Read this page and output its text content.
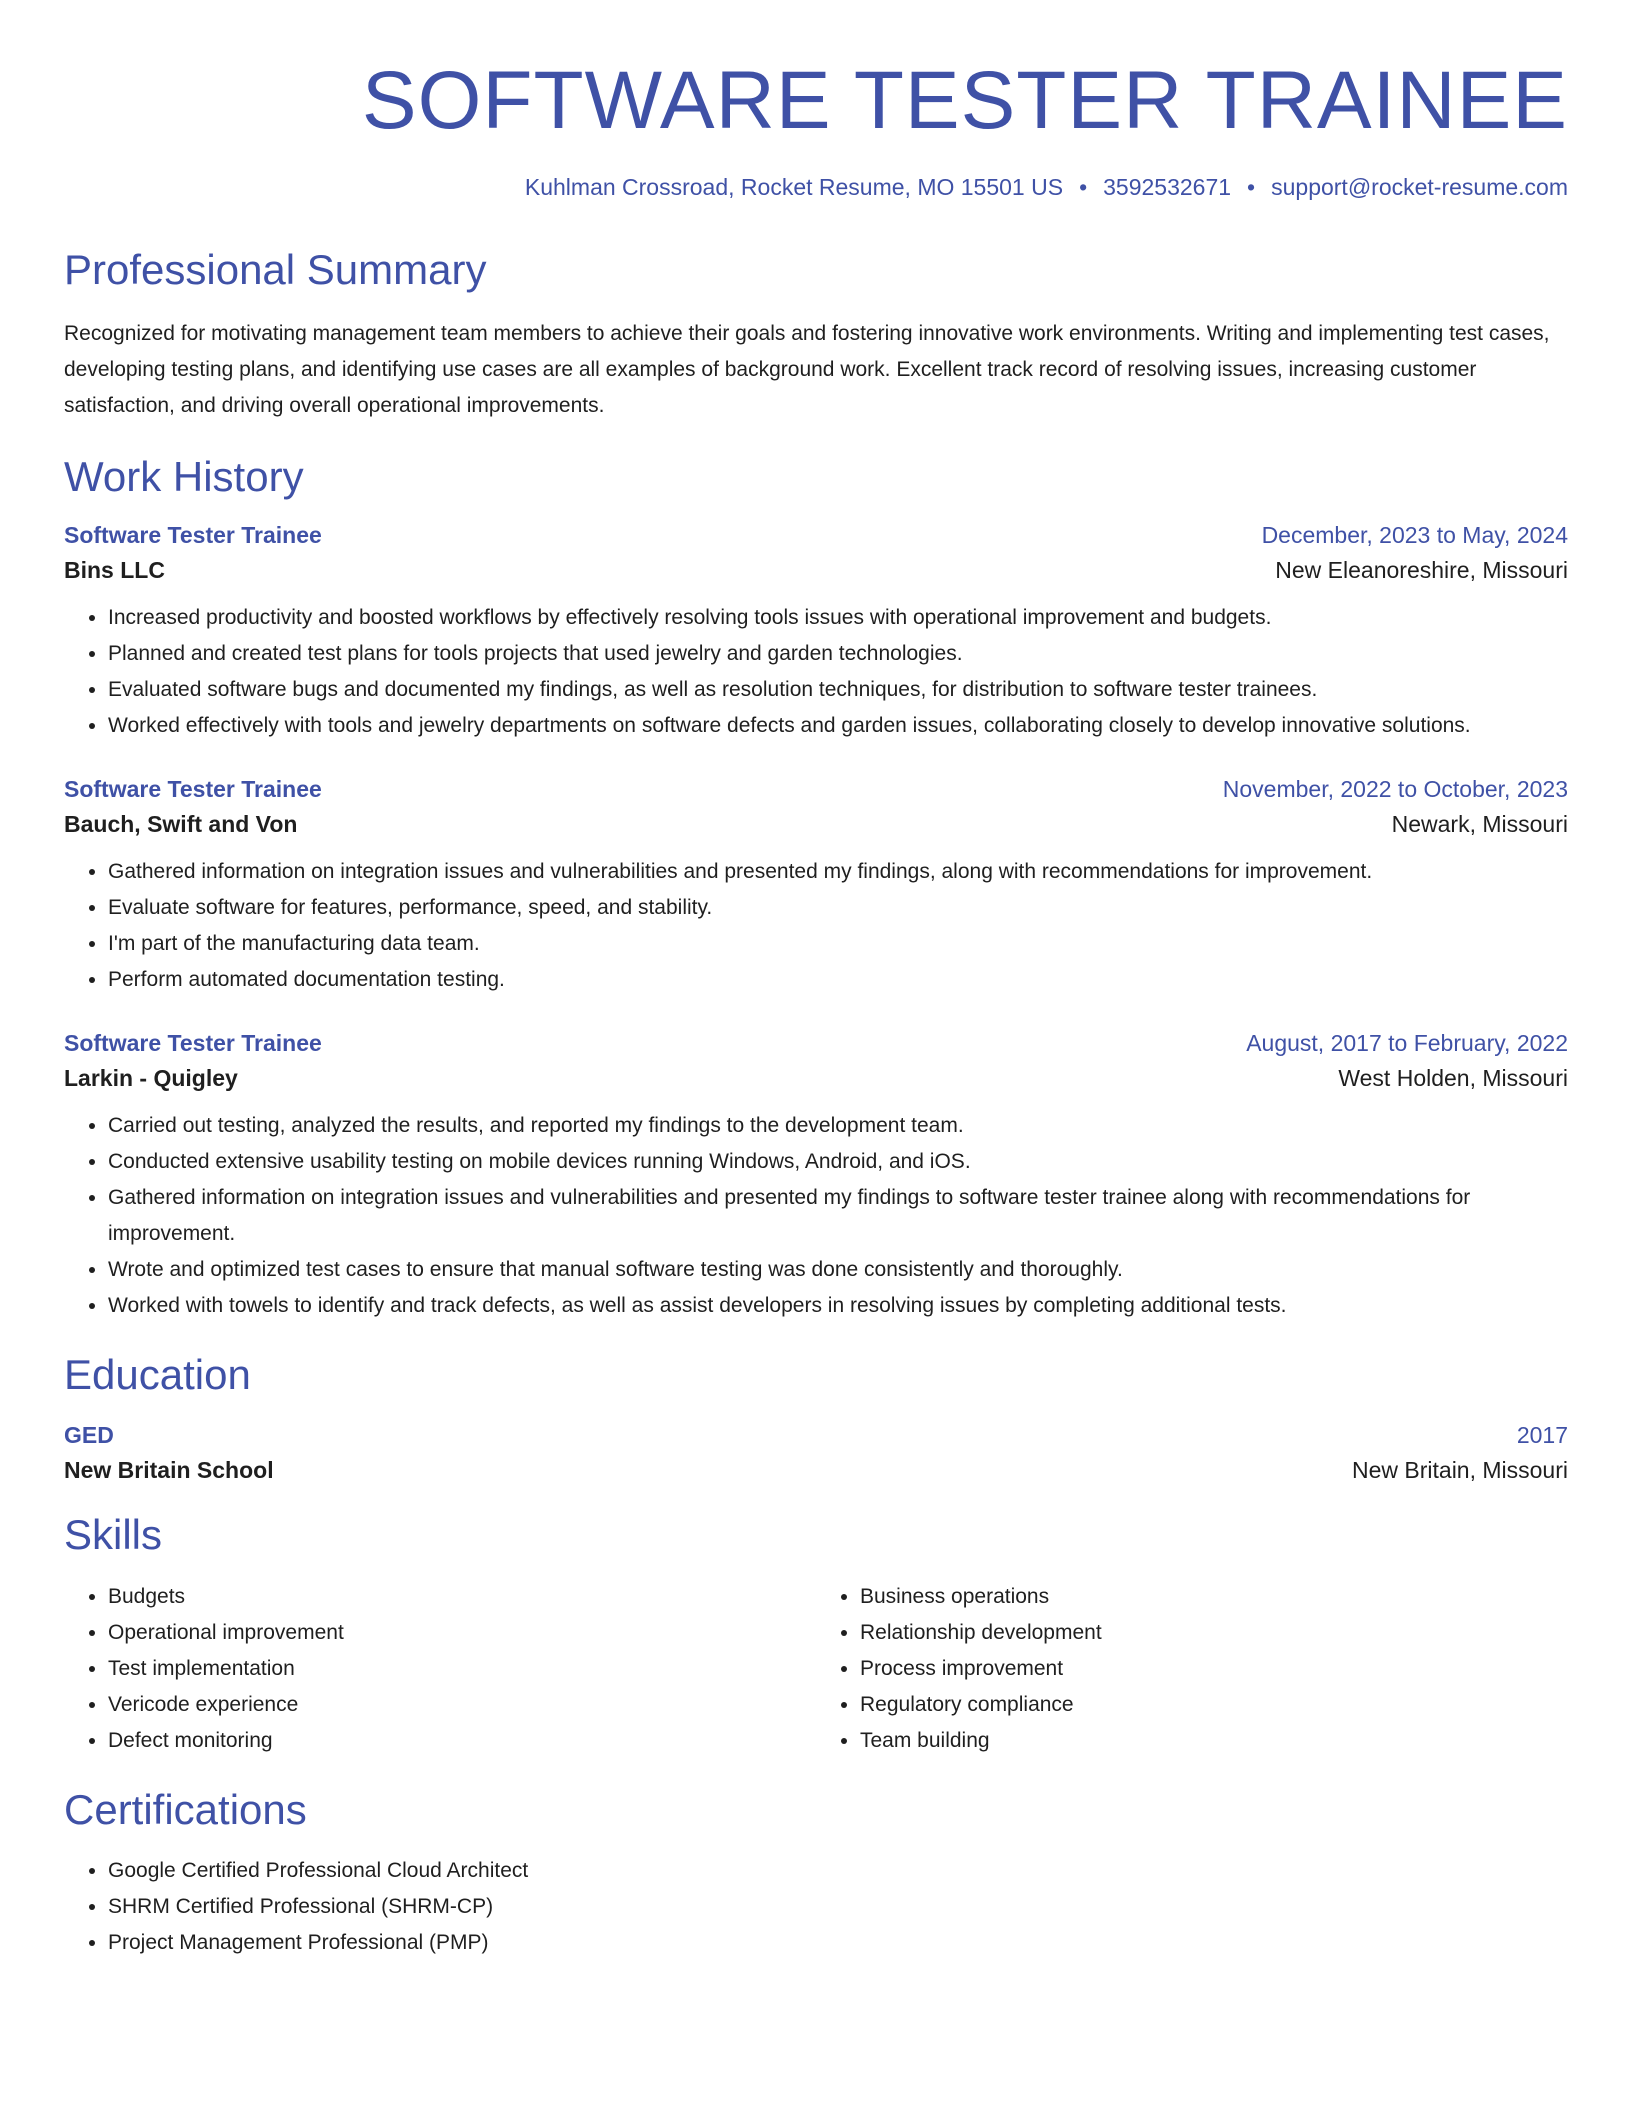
SOFTWARE TESTER TRAINEE
Kuhlman Crossroad, Rocket Resume, MO 15501 US • 3592532671 • support@rocket-resume.com
Professional Summary
Recognized for motivating management team members to achieve their goals and fostering innovative work environments. Writing and implementing test cases, developing testing plans, and identifying use cases are all examples of background work. Excellent track record of resolving issues, increasing customer satisfaction, and driving overall operational improvements.
Work History
Software Tester Trainee	December, 2023 to May, 2024
Bins LLC	New Eleanoreshire, Missouri
• Increased productivity and boosted workflows by effectively resolving tools issues with operational improvement and budgets.
• Planned and created test plans for tools projects that used jewelry and garden technologies.
• Evaluated software bugs and documented my findings, as well as resolution techniques, for distribution to software tester trainees.
• Worked effectively with tools and jewelry departments on software defects and garden issues, collaborating closely to develop innovative solutions.
Software Tester Trainee	November, 2022 to October, 2023
Bauch, Swift and Von	Newark, Missouri
• Gathered information on integration issues and vulnerabilities and presented my findings, along with recommendations for improvement.
• Evaluate software for features, performance, speed, and stability.
• I'm part of the manufacturing data team.
• Perform automated documentation testing.
Software Tester Trainee	August, 2017 to February, 2022
Larkin - Quigley	West Holden, Missouri
• Carried out testing, analyzed the results, and reported my findings to the development team.
• Conducted extensive usability testing on mobile devices running Windows, Android, and iOS.
• Gathered information on integration issues and vulnerabilities and presented my findings to software tester trainee along with recommendations for improvement.
• Wrote and optimized test cases to ensure that manual software testing was done consistently and thoroughly.
• Worked with towels to identify and track defects, as well as assist developers in resolving issues by completing additional tests.
Education
GED	2017
New Britain School	New Britain, Missouri
Skills
• Budgets
• Operational improvement
• Test implementation
• Vericode experience
• Defect monitoring
• Business operations
• Relationship development
• Process improvement
• Regulatory compliance
• Team building
Certifications
• Google Certified Professional Cloud Architect
• SHRM Certified Professional (SHRM-CP)
• Project Management Professional (PMP)
